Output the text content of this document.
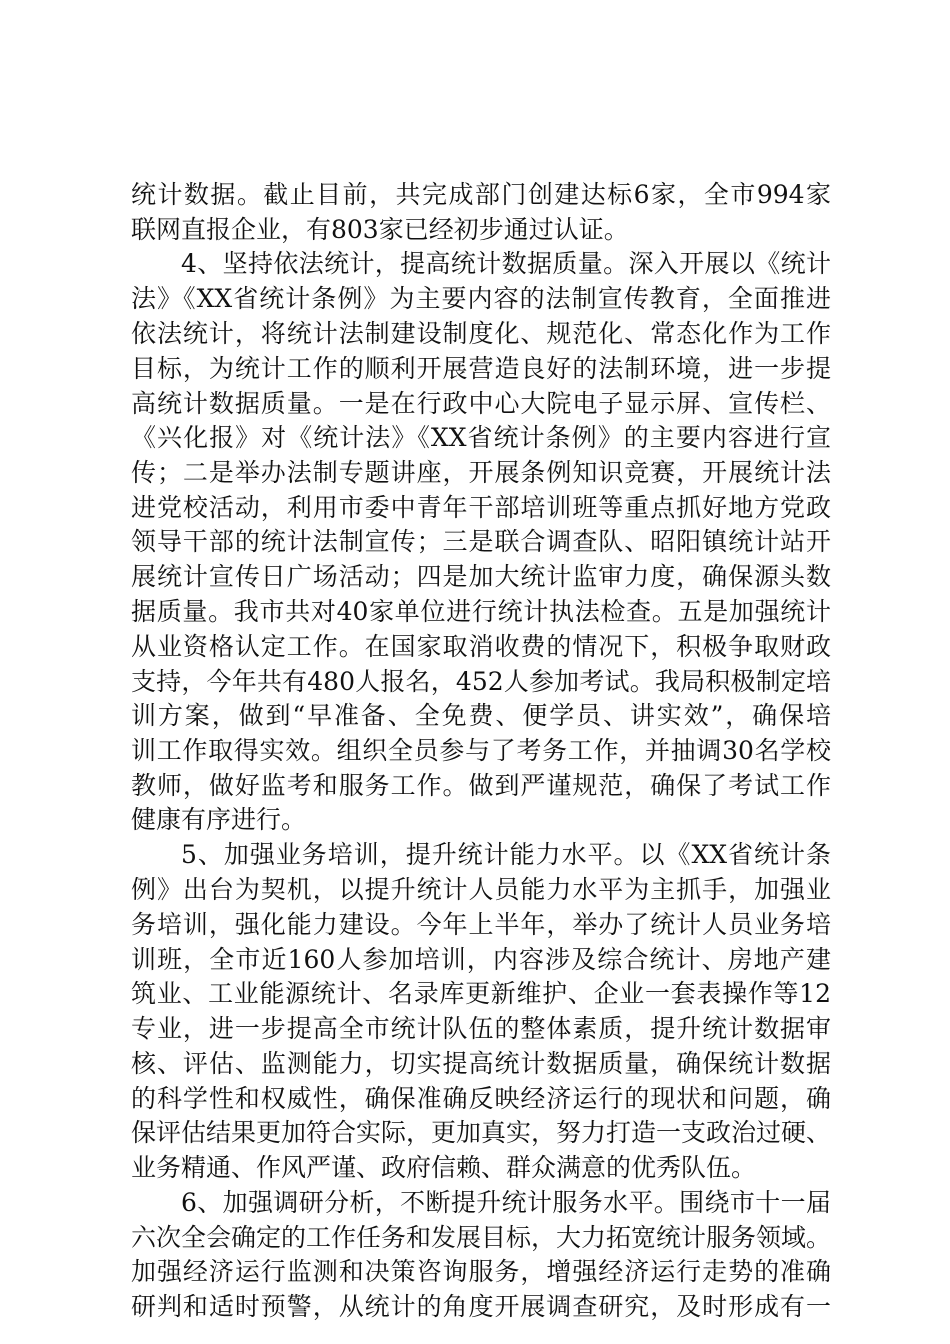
统计数据。截止目前，共完成部门创建达标6家，全市994家
联网直报企业，有803家已经初步通过认证。
4、坚持依法统计，提高统计数据质量。深入开展以《统计
法》《XX省统计条例》为主要内容的法制宣传教育，全面推进
依法统计，将统计法制建设制度化、规范化、常态化作为工作
目标，为统计工作的顺利开展营造良好的法制环境，进一步提
高统计数据质量。一是在行政中心大院电子显示屏、宣传栏、
《兴化报》对《统计法》《XX省统计条例》的主要内容进行宣
传；二是举办法制专题讲座，开展条例知识竞赛，开展统计法
进党校活动，利用市委中青年干部培训班等重点抓好地方党政
领导干部的统计法制宣传；三是联合调查队、昭阳镇统计站开
展统计宣传日广场活动；四是加大统计监审力度，确保源头数
据质量。我市共对40家单位进行统计执法检查。五是加强统计
从业资格认定工作。在国家取消收费的情况下，积极争取财政
支持，今年共有480人报名，452人参加考试。我局积极制定培
训方案，做到“早准备、全免费、便学员、讲实效”，确保培
训工作取得实效。组织全员参与了考务工作，并抽调30名学校
教师，做好监考和服务工作。做到严谨规范，确保了考试工作
健康有序进行。
5、加强业务培训，提升统计能力水平。以《XX省统计条
例》出台为契机，以提升统计人员能力水平为主抓手，加强业
务培训，强化能力建设。今年上半年，举办了统计人员业务培
训班，全市近160人参加培训，内容涉及综合统计、房地产建
筑业、工业能源统计、名录库更新维护、企业一套表操作等12
专业，进一步提高全市统计队伍的整体素质，提升统计数据审
核、评估、监测能力，切实提高统计数据质量，确保统计数据
的科学性和权威性，确保准确反映经济运行的现状和问题，确
保评估结果更加符合实际，更加真实，努力打造一支政治过硬、
业务精通、作风严谨、政府信赖、群众满意的优秀队伍。
6、加强调研分析，不断提升统计服务水平。围绕市十一届
六次全会确定的工作任务和发展目标，大力拓宽统计服务领域。
加强经济运行监测和决策咨询服务，增强经济运行走势的准确
研判和适时预警，从统计的角度开展调查研究，及时形成有一
